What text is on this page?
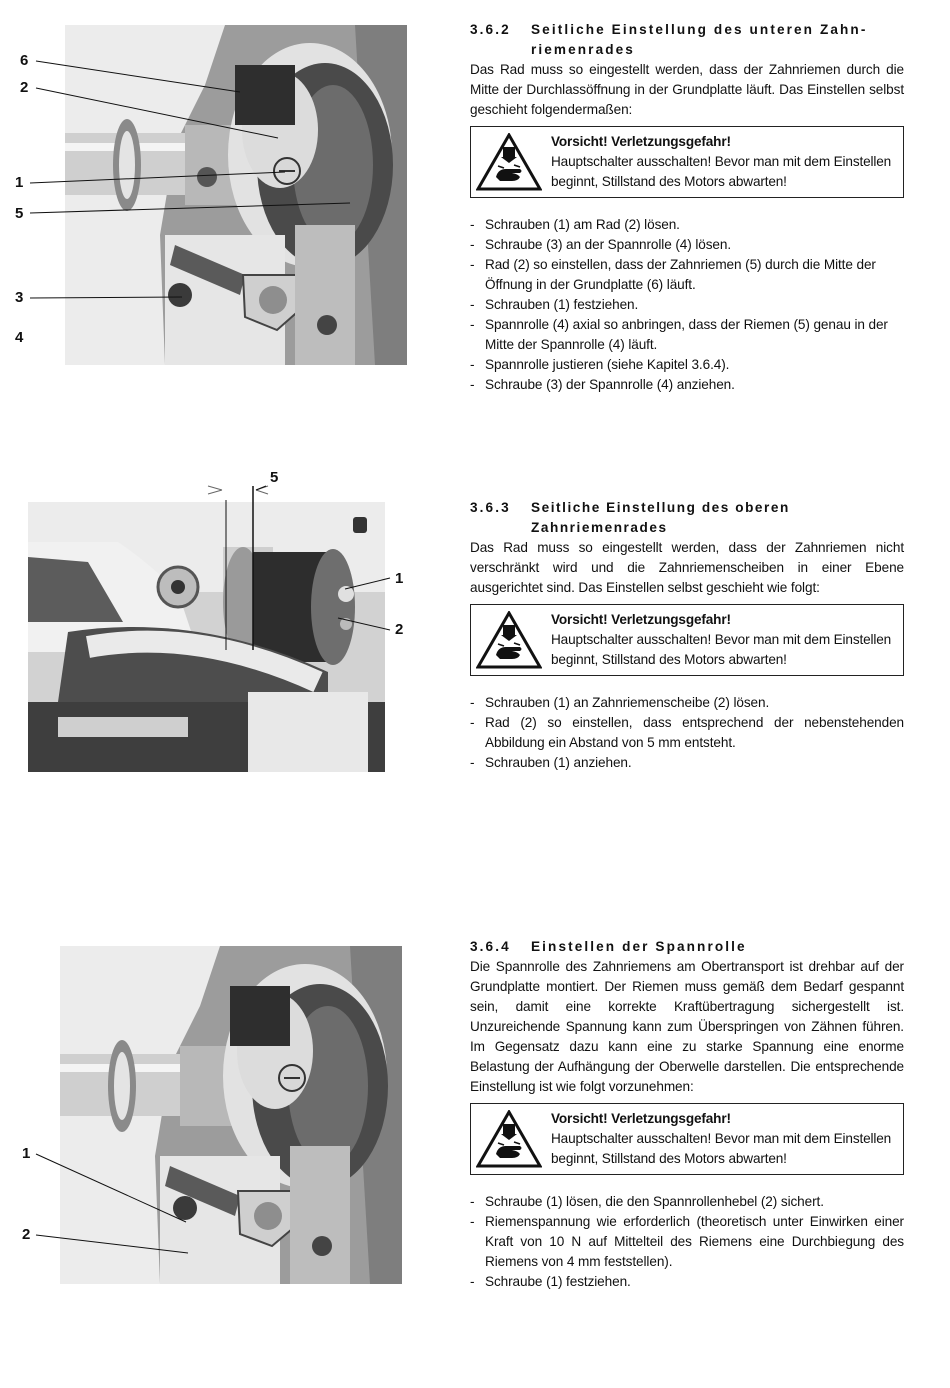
6
2
1
5
3
4
3.6.2	Seitliche Einstellung des unteren Zahn-
riemenrades
Das Rad muss so eingestellt werden, dass der Zahnriemen durch die Mitte der Durchlassöffnung in der Grundplatte läuft. Das Einstellen selbst geschieht folgendermaßen:
Vorsicht! Verletzungsgefahr!
Hauptschalter ausschalten! Bevor man mit dem Einstellen beginnt, Stillstand des Motors abwarten!
- Schrauben (1) am Rad (2) lösen.
- Schraube (3) an der Spannrolle (4) lösen.
- Rad (2) so einstellen, dass der Zahnriemen (5) durch die Mitte der Öffnung in der Grundplatte (6) läuft.
- Schrauben (1) festziehen.
- Spannrolle (4) axial so anbringen, dass der Riemen (5) genau in der Mitte der Spannrolle (4) läuft.
- Spannrolle justieren (siehe Kapitel 3.6.4).
- Schraube (3) der Spannrolle (4) anziehen.
5
1
2
3.6.3	Seitliche Einstellung des oberen Zahnriemenrades
Das Rad muss so eingestellt werden, dass der Zahnriemen nicht verschränkt wird und die Zahnriemenscheiben in einer Ebene ausgerichtet sind. Das Einstellen selbst geschieht wie folgt:
Vorsicht! Verletzungsgefahr!
Hauptschalter ausschalten! Bevor man mit dem Einstellen beginnt, Stillstand des Motors abwarten!
- Schrauben (1) an Zahnriemenscheibe (2) lösen.
- Rad (2) so einstellen, dass entsprechend der nebenstehenden Abbildung ein Abstand von 5 mm entsteht.
- Schrauben (1) anziehen.
1
2
3.6.4	Einstellen der Spannrolle
Die Spannrolle des Zahnriemens am Obertransport ist drehbar auf der Grundplatte montiert. Der Riemen muss gemäß dem Bedarf gespannt sein, damit eine korrekte Kraftübertragung sichergestellt ist. Unzureichende Spannung kann zum Überspringen von Zähnen führen. Im Gegensatz dazu kann eine zu starke Spannung eine enorme Belastung der Aufhängung der Oberwelle darstellen. Die entsprechende Einstellung ist wie folgt vorzunehmen:
Vorsicht! Verletzungsgefahr!
Hauptschalter ausschalten! Bevor man mit dem Einstellen beginnt, Stillstand des Motors abwarten!
- Schraube (1) lösen, die den Spannrollenhebel (2) sichert.
- Riemenspannung wie erforderlich (theoretisch unter Einwirken einer Kraft von 10 N auf Mittelteil des Riemens eine Durchbiegung des Riemens von 4 mm feststellen).
- Schraube (1) festziehen.
